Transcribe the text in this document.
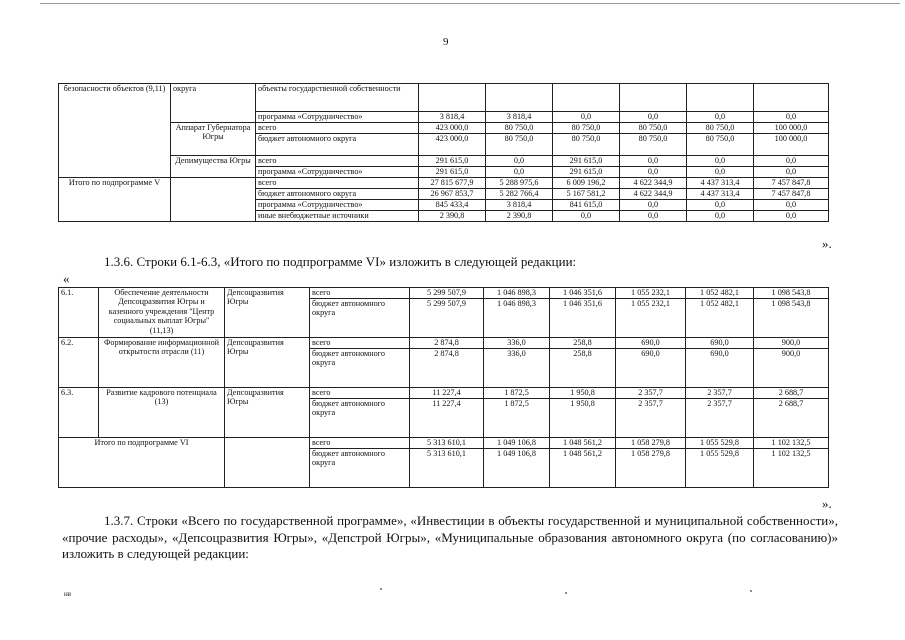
9
безопасности объектов (9,11)	округа	объекты государственной собственности						
		программа «Сотрудничество»	3 818,4	3 818,4	0,0	0,0	0,0	0,0
	Аппарат Губернатора Югры	всего	423 000,0	80 750,0	80 750,0	80 750,0	80 750,0	100 000,0
		бюджет автономного округа	423 000,0	80 750,0	80 750,0	80 750,0	80 750,0	100 000,0
	Депимущества Югры	всего	291 615,0	0,0	291 615,0	0,0	0,0	0,0
		программа «Сотрудничество»	291 615,0	0,0	291 615,0	0,0	0,0	0,0
Итого по подпрограмме V		всего	27 815 677,9	5 288 975,6	6 009 196,2	4 622 344,9	4 437 313,4	7 457 847,8
		бюджет автономного округа	26 967 853,7	5 282 766,4	5 167 581,2	4 622 344,9	4 437 313,4	7 457 847,8
		программа «Сотрудничество»	845 433,4	3 818,4	841 615,0	0,0	0,0	0,0
		иные внебюджетные источники	2 390,8	2 390,8	0,0	0,0	0,0	0,0
».
1.3.6. Строки 6.1-6.3, «Итого по подпрограмме VI» изложить в следующей редакции:
«
6.1.	Обеспечение деятельности Депсоцразвития Югры и казенного учреждения "Центр социальных выплат Югры" (11,13)	Депсоцразвития Югры	всего	5 299 507,9	1 046 898,3	1 046 351,6	1 055 232,1	1 052 482,1	1 098 543,8
			бюджет автономного округа	5 299 507,9	1 046 898,3	1 046 351,6	1 055 232,1	1 052 482,1	1 098 543,8
6.2.	Формирование информационной открытости отрасли (11)	Депсоцразвития Югры	всего	2 874,8	336,0	258,8	690,0	690,0	900,0
			бюджет автономного округа	2 874,8	336,0	258,8	690,0	690,0	900,0
6.3.	Развитие кадрового потенциала (13)	Депсоцразвития Югры	всего	11 227,4	1 872,5	1 950,8	2 357,7	2 357,7	2 688,7
			бюджет автономного округа	11 227,4	1 872,5	1 950,8	2 357,7	2 357,7	2 688,7
Итого по подпрограмме VI			всего	5 313 610,1	1 049 106,8	1 048 561,2	1 058 279,8	1 055 529,8	1 102 132,5
			бюджет автономного округа	5 313 610,1	1 049 106,8	1 048 561,2	1 058 279,8	1 055 529,8	1 102 132,5
».
1.3.7. Строки «Всего по государственной программе», «Инвестиции в объекты государственной и муниципальной собственности», «прочие расходы», «Депсоцразвития Югры», «Депстрой Югры», «Муниципальные образования автономного округа (по согласованию)» изложить в следующей редакции:
нв
